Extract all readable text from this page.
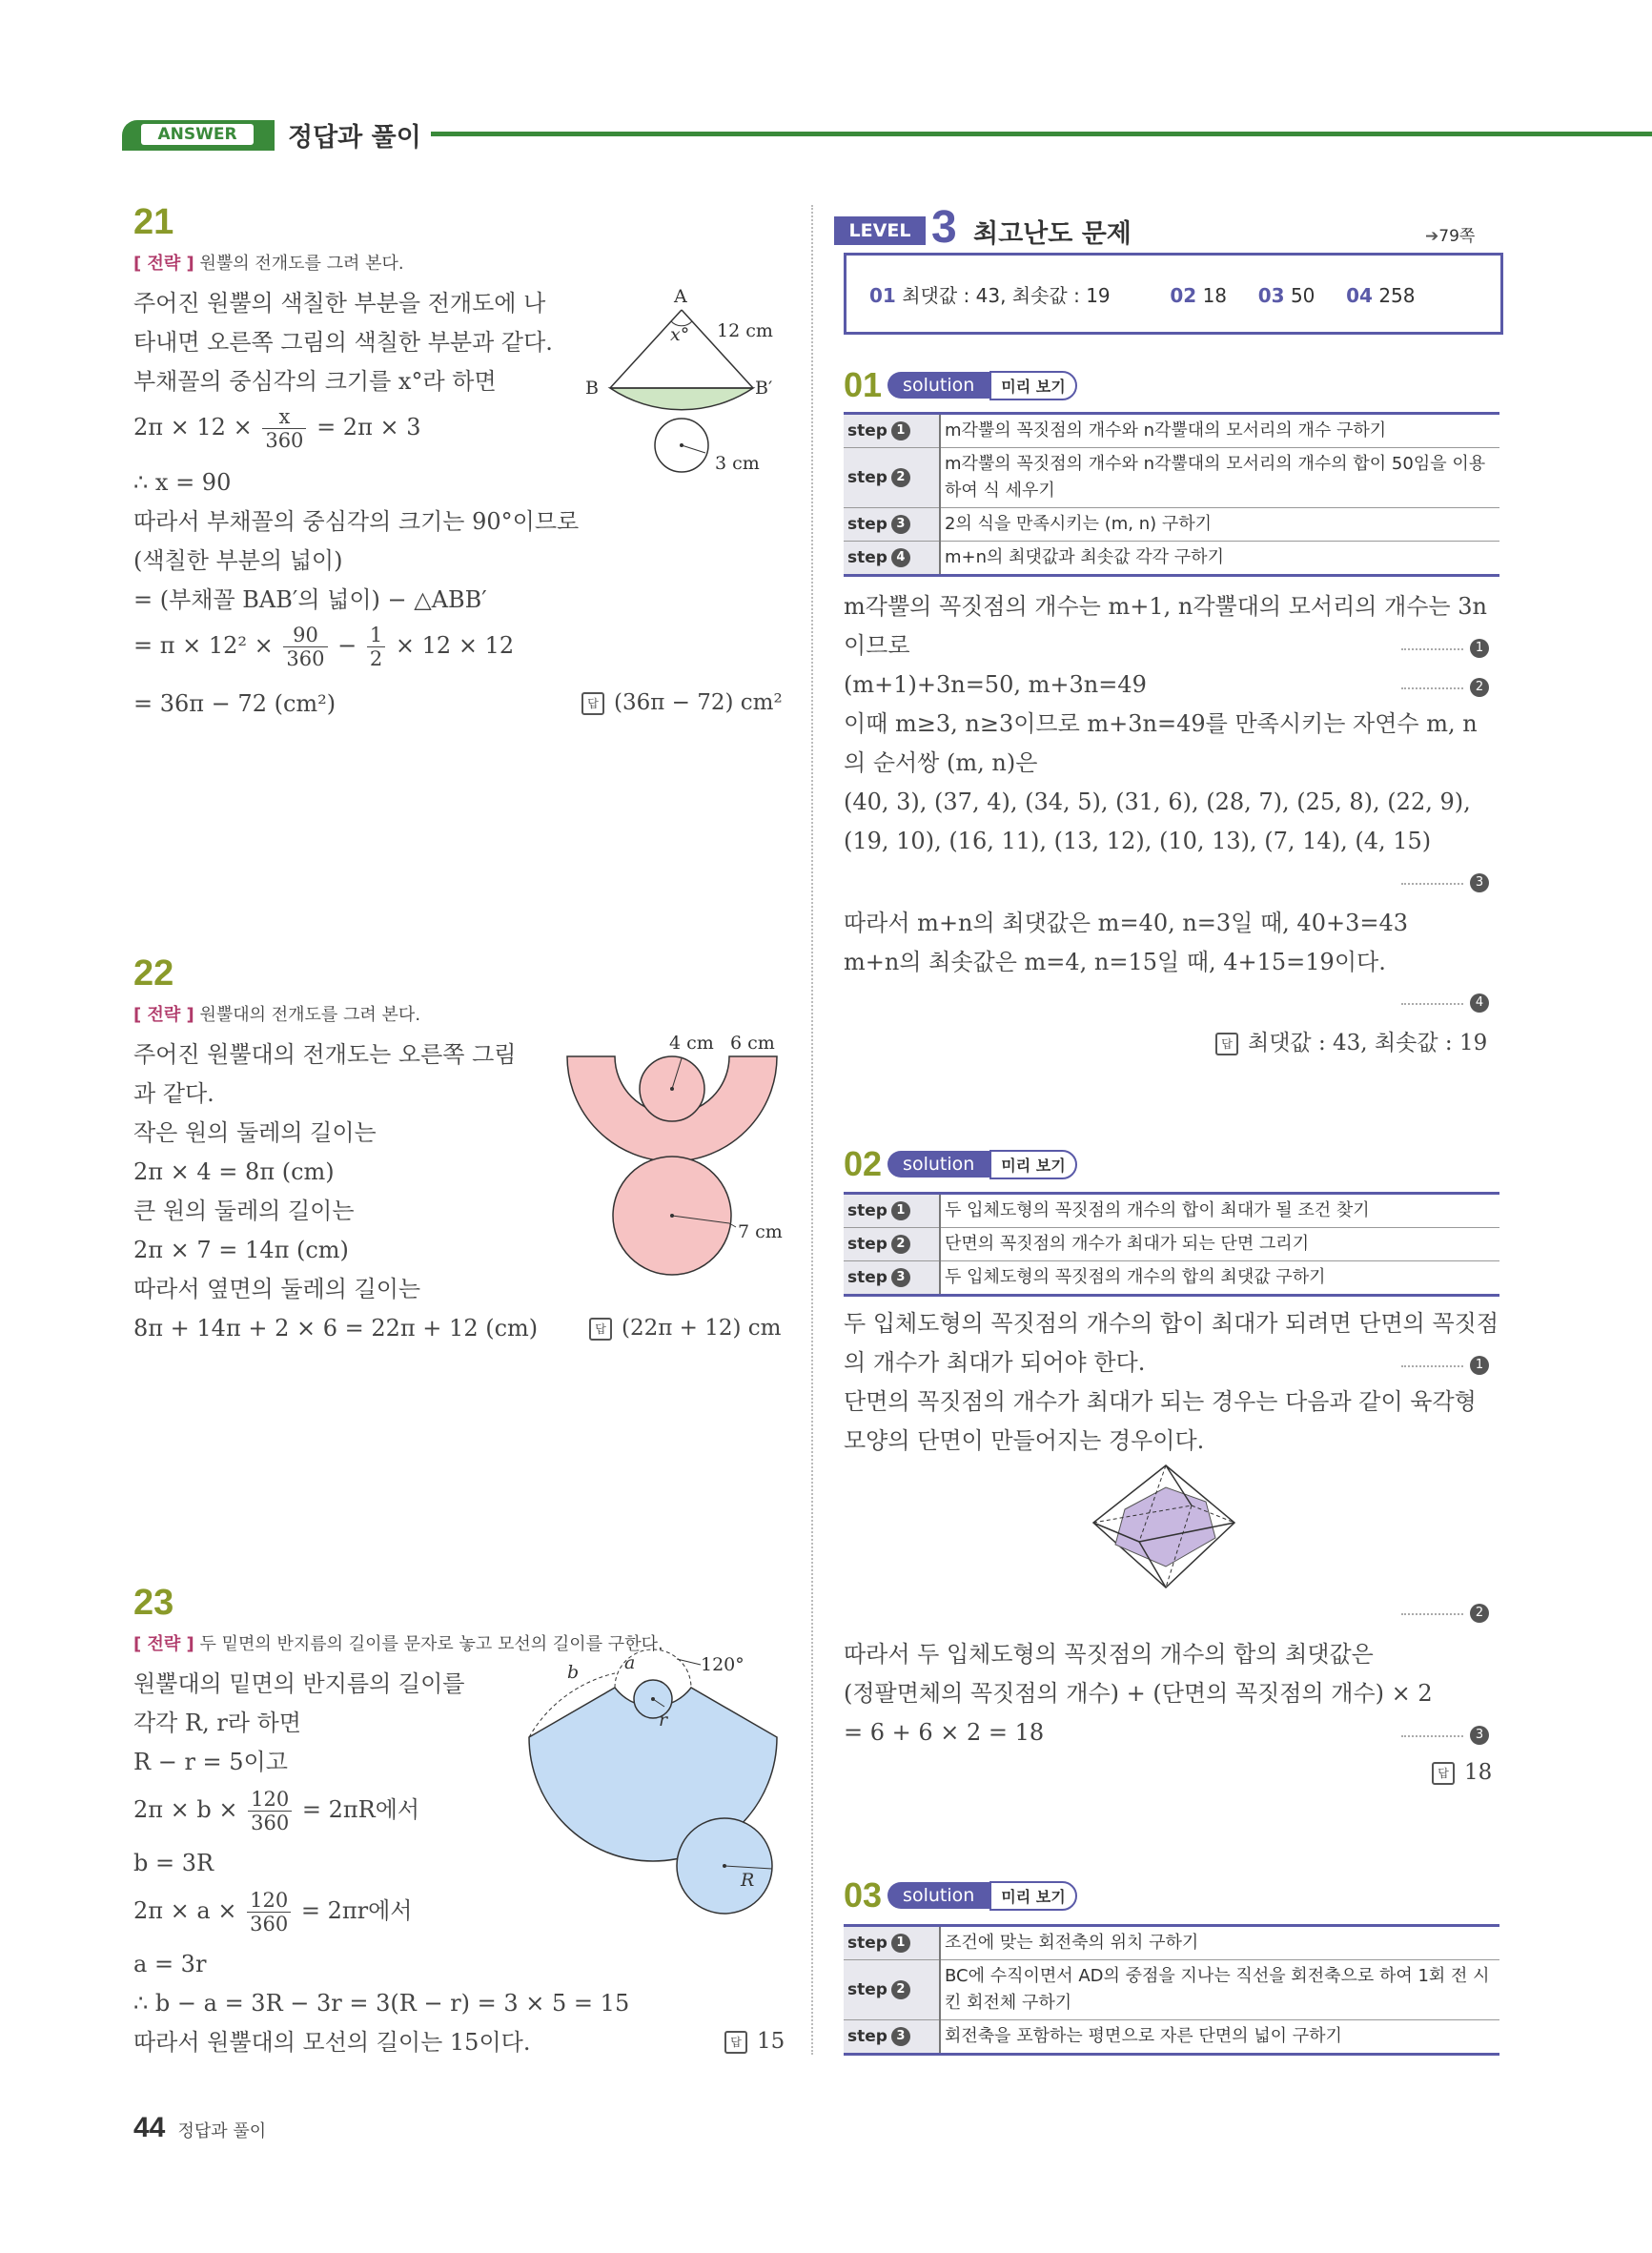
ANSWER	정답과 풀이
21
[ 전략 ] 원뿔의 전개도를 그려 본다.
주어진 원뿔의 색칠한 부분을 전개도에 나
타내면 오른쪽 그림의 색칠한 부분과 같다.
부채꼴의 중심각의 크기를 x°라 하면
$2\pi \times 12 \times \frac{x}{360} = 2\pi \times 3$
∴ x = 90
따라서 부채꼴의 중심각의 크기는 90°이므로
(색칠한 부분의 넓이)
= (부채꼴 BAB′의 넓이) − △ABB′
= $\pi \times 12^2 \times \frac{90}{360} - \frac{1}{2} \times 12 \times 12$
= 36π − 72 (cm²)	답 (36π − 72) cm²
A
x° 12 cm
B	B′
3 cm
22
[ 전략 ] 원뿔대의 전개도를 그려 본다.
주어진 원뿔대의 전개도는 오른쪽 그림
과 같다.
작은 원의 둘레의 길이는
2π × 4 = 8π (cm)
큰 원의 둘레의 길이는
2π × 7 = 14π (cm)
따라서 옆면의 둘레의 길이는
8π + 14π + 2 × 6 = 22π + 12 (cm)	답 (22π + 12) cm
4 cm 6 cm
7 cm
23
[ 전략 ] 두 밑면의 반지름의 길이를 문자로 놓고 모선의 길이를 구한다.
원뿔대의 밑면의 반지름의 길이를
각각 R, r라 하면
R − r = 5이고
$2\pi \times b \times \frac{120}{360} = 2\pi R$에서
b = 3R
$2\pi \times a \times \frac{120}{360} = 2\pi r$에서
a = 3r
∴ b − a = 3R − 3r = 3(R − r) = 3 × 5 = 15
따라서 원뿔대의 모선의 길이는 15이다.	답 15
b	a	120°
r
R
44 정답과 풀이
LEVEL 3 최고난도 문제	➔79쪽
01 최댓값 : 43, 최솟값 : 19	02 18 03 50 04 258
01	solution	미리 보기
step 1	m각뿔의 꼭짓점의 개수와 n각뿔대의 모서리의 개수 구하기
step 2	m각뿔의 꼭짓점의 개수와 n각뿔대의 모서리의 개수의 합이 50임을 이용하여 식 세우기
step 3	2의 식을 만족시키는 (m, n) 구하기
step 4	m+n의 최댓값과 최솟값 각각 구하기
m각뿔의 꼭짓점의 개수는 m+1, n각뿔대의 모서리의 개수는 3n
이므로	1
(m+1)+3n=50, m+3n=49	2
이때 m≥3, n≥3이므로 m+3n=49를 만족시키는 자연수 m, n
의 순서쌍 (m, n)은
(40, 3), (37, 4), (34, 5), (31, 6), (28, 7), (25, 8), (22, 9),
(19, 10), (16, 11), (13, 12), (10, 13), (7, 14), (4, 15)
3
따라서 m+n의 최댓값은 m=40, n=3일 때, 40+3=43
m+n의 최솟값은 m=4, n=15일 때, 4+15=19이다.
4
답 최댓값 : 43, 최솟값 : 19
02	solution	미리 보기
step 1	두 입체도형의 꼭짓점의 개수의 합이 최대가 될 조건 찾기
step 2	단면의 꼭짓점의 개수가 최대가 되는 단면 그리기
step 3	두 입체도형의 꼭짓점의 개수의 합의 최댓값 구하기
두 입체도형의 꼭짓점의 개수의 합이 최대가 되려면 단면의 꼭짓점
의 개수가 최대가 되어야 한다.	1
단면의 꼭짓점의 개수가 최대가 되는 경우는 다음과 같이 육각형
모양의 단면이 만들어지는 경우이다.
2
따라서 두 입체도형의 꼭짓점의 개수의 합의 최댓값은
(정팔면체의 꼭짓점의 개수) + (단면의 꼭짓점의 개수) × 2
= 6 + 6 × 2 = 18	3
답 18
03	solution	미리 보기
step 1	조건에 맞는 회전축의 위치 구하기
step 2	BC에 수직이면서 AD의 중점을 지나는 직선을 회전축으로 하여 1회 전 시킨 회전체 구하기
step 3	회전축을 포함하는 평면으로 자른 단면의 넓이 구하기
